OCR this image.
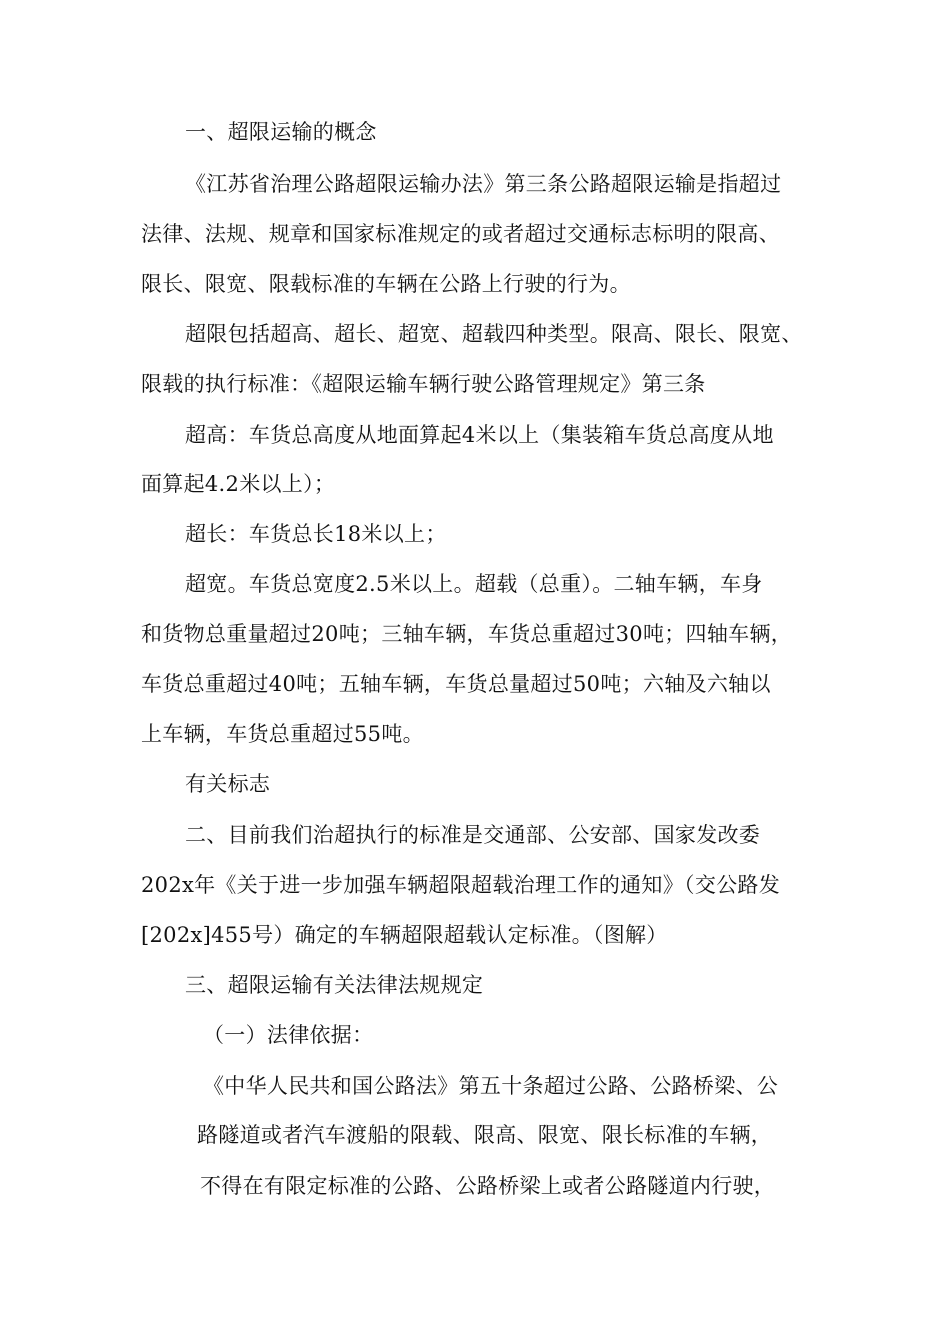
一、超限运输的概念
《江苏省治理公路超限运输办法》第三条公路超限运输是指超过
法律、法规、规章和国家标准规定的或者超过交通标志标明的限高、
限长、限宽、限载标准的车辆在公路上行驶的行为。
超限包括超高、超长、超宽、超载四种类型。限高、限长、限宽、
限载的执行标准：《超限运输车辆行驶公路管理规定》第三条
超高：车货总高度从地面算起4米以上（集装箱车货总高度从地
面算起4.2米以上）；
超长：车货总长18米以上；
超宽。车货总宽度2.5米以上。超载（总重）。二轴车辆，车身
和货物总重量超过20吨；三轴车辆，车货总重超过30吨；四轴车辆，
车货总重超过40吨；五轴车辆，车货总量超过50吨；六轴及六轴以
上车辆，车货总重超过55吨。
有关标志
二、目前我们治超执行的标准是交通部、公安部、国家发改委
202x年《关于进一步加强车辆超限超载治理工作的通知》（交公路发
[202x]455号）确定的车辆超限超载认定标准。（图解）
三、超限运输有关法律法规规定
（一）法律依据：
《中华人民共和国公路法》第五十条超过公路、公路桥梁、公
路隧道或者汽车渡船的限载、限高、限宽、限长标准的车辆，
不得在有限定标准的公路、公路桥梁上或者公路隧道内行驶，
